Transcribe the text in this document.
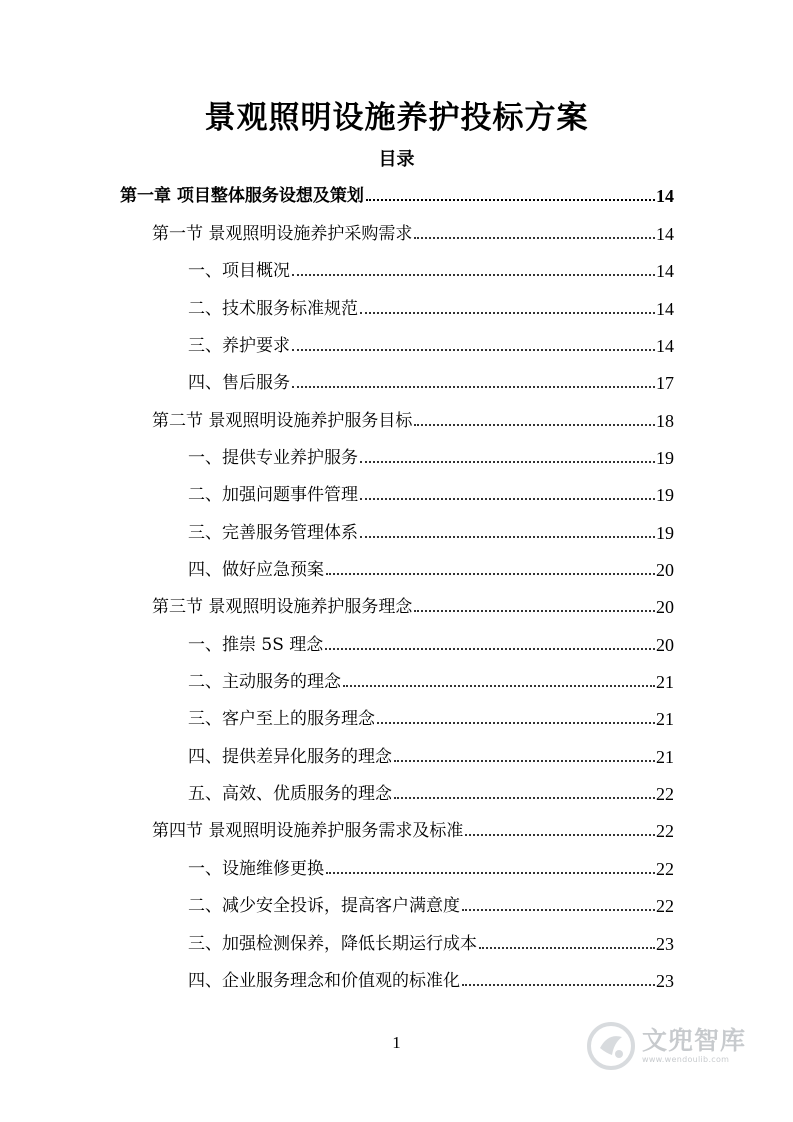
景观照明设施养护投标方案
目录
第一章 项目整体服务设想及策划	14
第一节 景观照明设施养护采购需求	14
一、项目概况	14
二、技术服务标准规范	14
三、养护要求	14
四、售后服务	17
第二节 景观照明设施养护服务目标	18
一、提供专业养护服务	19
二、加强问题事件管理	19
三、完善服务管理体系	19
四、做好应急预案	20
第三节 景观照明设施养护服务理念	20
一、推崇 5S 理念	20
二、主动服务的理念	21
三、客户至上的服务理念	21
四、提供差异化服务的理念	21
五、高效、优质服务的理念	22
第四节 景观照明设施养护服务需求及标准	22
一、设施维修更换	22
二、减少安全投诉，提高客户满意度	22
三、加强检测保养，降低长期运行成本	23
四、企业服务理念和价值观的标准化	23
1	文兜智库
www.wendoulib.com
